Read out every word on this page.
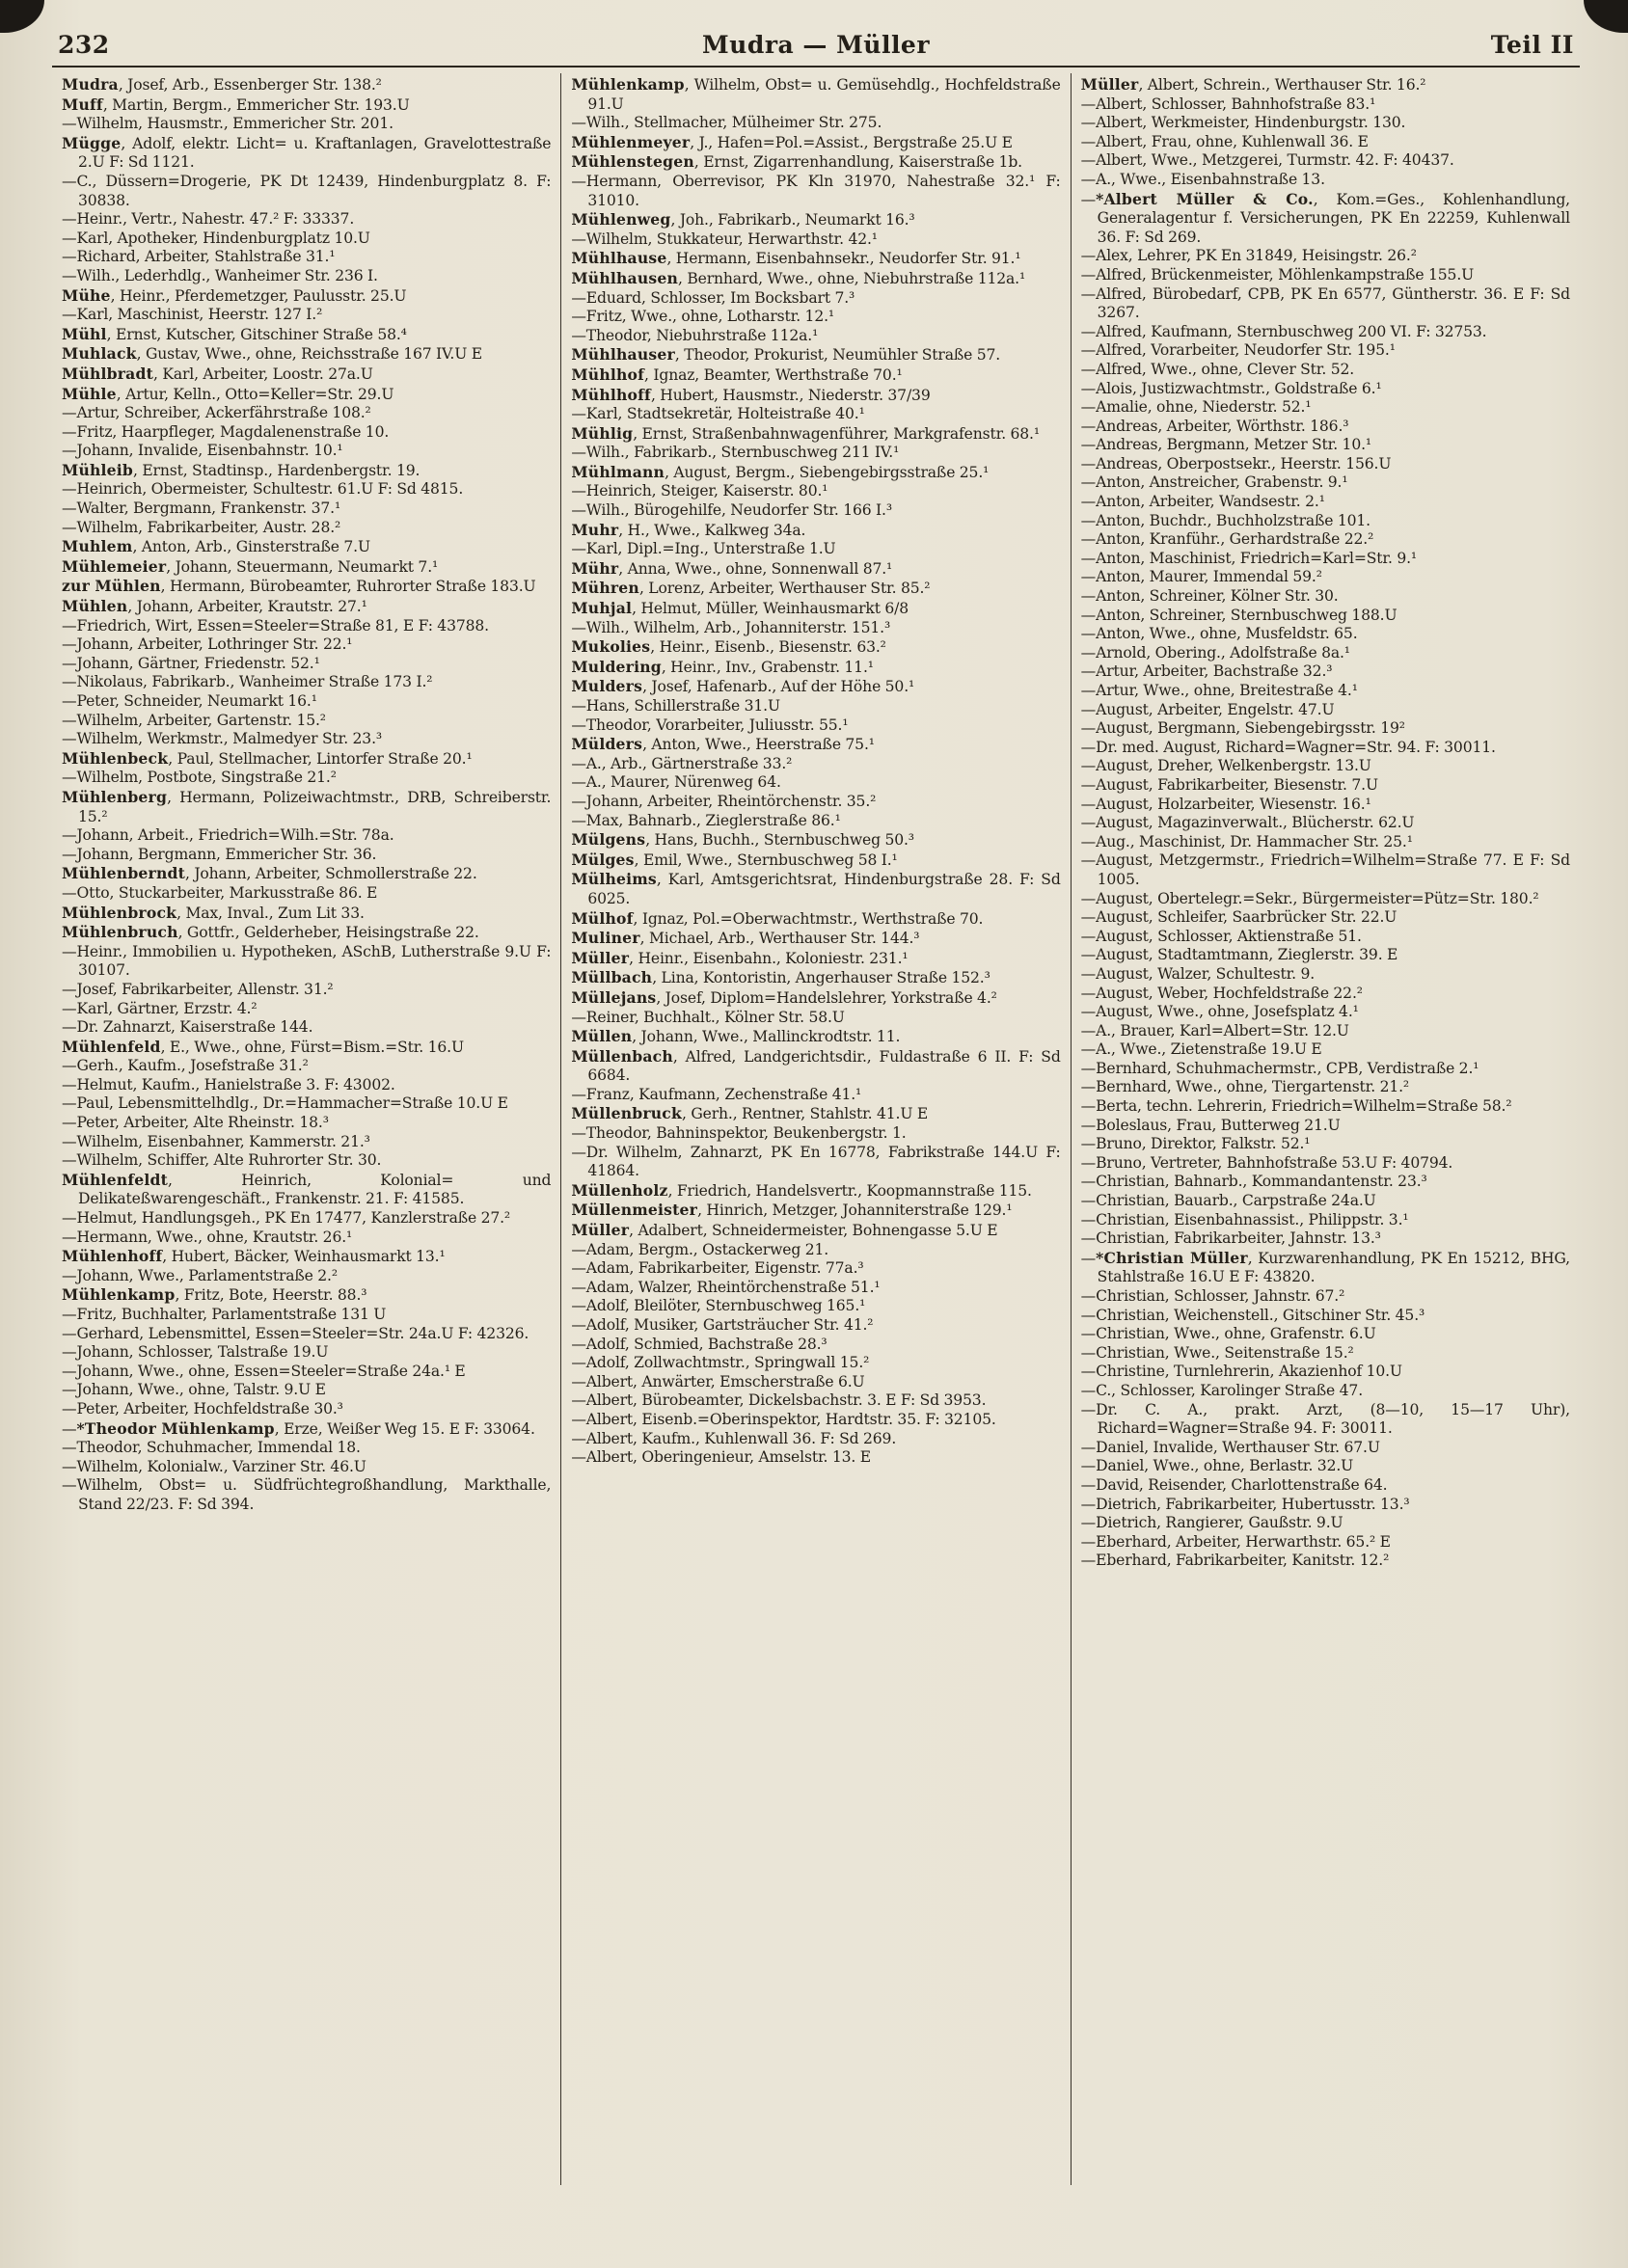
232	Mudra — Müller	Teil II
Mudra, Josef, Arb., Essenberger Str. 138.²
Muff, Martin, Bergm., Emmericher Str. 193.U
—Wilhelm, Hausmstr., Emmericher Str. 201.
Mügge, Adolf, elektr. Licht= u. Kraftanlagen, Gravelottestraße 2.U F: Sd 1121.
—C., Düssern=Drogerie, PK Dt 12439, Hindenburgplatz 8. F: 30838.
—Heinr., Vertr., Nahestr. 47.² F: 33337.
—Karl, Apotheker, Hindenburgplatz 10.U
—Richard, Arbeiter, Stahlstraße 31.¹
—Wilh., Lederhdlg., Wanheimer Str. 236 I.
Mühe, Heinr., Pferdemetzger, Paulusstr. 25.U
—Karl, Maschinist, Heerstr. 127 I.²
Mühl, Ernst, Kutscher, Gitschiner Straße 58.⁴
Muhlack, Gustav, Wwe., ohne, Reichsstraße 167 IV.U E
Mühlbradt, Karl, Arbeiter, Loostr. 27a.U
Mühle, Artur, Kelln., Otto=Keller=Str. 29.U
—Artur, Schreiber, Ackerfährstraße 108.²
—Fritz, Haarpfleger, Magdalenenstraße 10.
—Johann, Invalide, Eisenbahnstr. 10.¹
Mühleib, Ernst, Stadtinsp., Hardenbergstr. 19.
—Heinrich, Obermeister, Schultestr. 61.U F: Sd 4815.
—Walter, Bergmann, Frankenstr. 37.¹
—Wilhelm, Fabrikarbeiter, Austr. 28.²
Muhlem, Anton, Arb., Ginsterstraße 7.U
Mühlemeier, Johann, Steuermann, Neumarkt 7.¹
zur Mühlen, Hermann, Bürobeamter, Ruhrorter Straße 183.U
Mühlen, Johann, Arbeiter, Krautstr. 27.¹
—Friedrich, Wirt, Essen=Steeler=Straße 81, E F: 43788.
—Johann, Arbeiter, Lothringer Str. 22.¹
—Johann, Gärtner, Friedenstr. 52.¹
—Nikolaus, Fabrikarb., Wanheimer Straße 173 I.²
—Peter, Schneider, Neumarkt 16.¹
—Wilhelm, Arbeiter, Gartenstr. 15.²
—Wilhelm, Werkmstr., Malmedyer Str. 23.³
Mühlenbeck, Paul, Stellmacher, Lintorfer Straße 20.¹
—Wilhelm, Postbote, Singstraße 21.²
Mühlenberg, Hermann, Polizeiwachtmstr., DRB, Schreiberstr. 15.²
—Johann, Arbeit., Friedrich=Wilh.=Str. 78a.
—Johann, Bergmann, Emmericher Str. 36.
Mühlenberndt, Johann, Arbeiter, Schmollerstraße 22.
—Otto, Stuckarbeiter, Markusstraße 86. E
Mühlenbrock, Max, Inval., Zum Lit 33.
Mühlenbruch, Gottfr., Gelderheber, Heisingstraße 22.
—Heinr., Immobilien u. Hypotheken, ASchB, Lutherstraße 9.U F: 30107.
—Josef, Fabrikarbeiter, Allenstr. 31.²
—Karl, Gärtner, Erzstr. 4.²
—Dr. Zahnarzt, Kaiserstraße 144.
Mühlenfeld, E., Wwe., ohne, Fürst=Bism.=Str. 16.U
—Gerh., Kaufm., Josefstraße 31.²
—Helmut, Kaufm., Hanielstraße 3. F: 43002.
—Paul, Lebensmittelhdlg., Dr.=Hammacher=Straße 10.U E
—Peter, Arbeiter, Alte Rheinstr. 18.³
—Wilhelm, Eisenbahner, Kammerstr. 21.³
—Wilhelm, Schiffer, Alte Ruhrorter Str. 30.
Mühlenfeldt, Heinrich, Kolonial= und Delikateßwarengeschäft., Frankenstr. 21. F: 41585.
—Helmut, Handlungsgeh., PK En 17477, Kanzlerstraße 27.²
—Hermann, Wwe., ohne, Krautstr. 26.¹
Mühlenhoff, Hubert, Bäcker, Weinhausmarkt 13.¹
—Johann, Wwe., Parlamentstraße 2.²
Mühlenkamp, Fritz, Bote, Heerstr. 88.³
—Fritz, Buchhalter, Parlamentstraße 131 U
—Gerhard, Lebensmittel, Essen=Steeler=Str. 24a.U F: 42326.
—Johann, Schlosser, Talstraße 19.U
—Johann, Wwe., ohne, Essen=Steeler=Straße 24a.¹ E
—Johann, Wwe., ohne, Talstr. 9.U E
—Peter, Arbeiter, Hochfeldstraße 30.³
—*Theodor Mühlenkamp, Erze, Weißer Weg 15. E F: 33064.
—Theodor, Schuhmacher, Immendal 18.
—Wilhelm, Kolonialw., Varziner Str. 46.U
—Wilhelm, Obst= u. Südfrüchtegroßhandlung, Markthalle, Stand 22/23. F: Sd 394.
Mühlenkamp, Wilhelm, Obst= u. Gemüsehdlg., Hochfeldstraße 91.U
—Wilh., Stellmacher, Mülheimer Str. 275.
Mühlenmeyer, J., Hafen=Pol.=Assist., Bergstraße 25.U E
Mühlenstegen, Ernst, Zigarrenhandlung, Kaiserstraße 1b.
—Hermann, Oberrevisor, PK Kln 31970, Nahestraße 32.¹ F: 31010.
Mühlenweg, Joh., Fabrikarb., Neumarkt 16.³
—Wilhelm, Stukkateur, Herwarthstr. 42.¹
Mühlhause, Hermann, Eisenbahnsekr., Neudorfer Str. 91.¹
Mühlhausen, Bernhard, Wwe., ohne, Niebuhrstraße 112a.¹
—Eduard, Schlosser, Im Bocksbart 7.³
—Fritz, Wwe., ohne, Lotharstr. 12.¹
—Theodor, Niebuhrstraße 112a.¹
Mühlhauser, Theodor, Prokurist, Neumühler Straße 57.
Mühlhof, Ignaz, Beamter, Werthstraße 70.¹
Mühlhoff, Hubert, Hausmstr., Niederstr. 37/39
—Karl, Stadtsekretär, Holteistraße 40.¹
Mühlig, Ernst, Straßenbahnwagenführer, Markgrafenstr. 68.¹
—Wilh., Fabrikarb., Sternbuschweg 211 IV.¹
Mühlmann, August, Bergm., Siebengebirgsstraße 25.¹
—Heinrich, Steiger, Kaiserstr. 80.¹
—Wilh., Bürogehilfe, Neudorfer Str. 166 I.³
Muhr, H., Wwe., Kalkweg 34a.
—Karl, Dipl.=Ing., Unterstraße 1.U
Mühr, Anna, Wwe., ohne, Sonnenwall 87.¹
Mühren, Lorenz, Arbeiter, Werthauser Str. 85.²
Muhjal, Helmut, Müller, Weinhausmarkt 6/8
—Wilh., Wilhelm, Arb., Johanniterstr. 151.³
Mukolies, Heinr., Eisenb., Biesenstr. 63.²
Muldering, Heinr., Inv., Grabenstr. 11.¹
Mulders, Josef, Hafenarb., Auf der Höhe 50.¹
—Hans, Schillerstraße 31.U
—Theodor, Vorarbeiter, Juliusstr. 55.¹
Mülders, Anton, Wwe., Heerstraße 75.¹
—A., Arb., Gärtnerstraße 33.²
—A., Maurer, Nürenweg 64.
—Johann, Arbeiter, Rheintörchenstr. 35.²
—Max, Bahnarb., Zieglerstraße 86.¹
Mülgens, Hans, Buchh., Sternbuschweg 50.³
Mülges, Emil, Wwe., Sternbuschweg 58 I.¹
Mülheims, Karl, Amtsgerichtsrat, Hindenburgstraße 28. F: Sd 6025.
Mülhof, Ignaz, Pol.=Oberwachtmstr., Werthstraße 70.
Muliner, Michael, Arb., Werthauser Str. 144.³
Müller, Heinr., Eisenbahn., Koloniestr. 231.¹
Müllbach, Lina, Kontoristin, Angerhauser Straße 152.³
Müllejans, Josef, Diplom=Handelslehrer, Yorkstraße 4.²
—Reiner, Buchhalt., Kölner Str. 58.U
Müllen, Johann, Wwe., Mallinckrodtstr. 11.
Müllenbach, Alfred, Landgerichtsdir., Fuldastraße 6 II. F: Sd 6684.
—Franz, Kaufmann, Zechenstraße 41.¹
Müllenbruck, Gerh., Rentner, Stahlstr. 41.U E
—Theodor, Bahninspektor, Beukenbergstr. 1.
—Dr. Wilhelm, Zahnarzt, PK En 16778, Fabrikstraße 144.U F: 41864.
Müllenholz, Friedrich, Handelsvertr., Koopmannstraße 115.
Müllenmeister, Hinrich, Metzger, Johanniterstraße 129.¹
Müller, Adalbert, Schneidermeister, Bohnengasse 5.U E
—Adam, Bergm., Ostackerweg 21.
—Adam, Fabrikarbeiter, Eigenstr. 77a.³
—Adam, Walzer, Rheintörchenstraße 51.¹
—Adolf, Bleilöter, Sternbuschweg 165.¹
—Adolf, Musiker, Gartsträucher Str. 41.²
—Adolf, Schmied, Bachstraße 28.³
—Adolf, Zollwachtmstr., Springwall 15.²
—Albert, Anwärter, Emscherstraße 6.U
—Albert, Bürobeamter, Dickelsbachstr. 3. E F: Sd 3953.
—Albert, Eisenb.=Oberinspektor, Hardtstr. 35. F: 32105.
—Albert, Kaufm., Kuhlenwall 36. F: Sd 269.
—Albert, Oberingenieur, Amselstr. 13. E
Müller, Albert, Schrein., Werthauser Str. 16.²
—Albert, Schlosser, Bahnhofstraße 83.¹
—Albert, Werkmeister, Hindenburgstr. 130.
—Albert, Frau, ohne, Kuhlenwall 36. E
—Albert, Wwe., Metzgerei, Turmstr. 42. F: 40437.
—A., Wwe., Eisenbahnstraße 13.
—*Albert Müller & Co., Kom.=Ges., Kohlenhandlung, Generalagentur f. Versicherungen, PK En 22259, Kuhlenwall 36. F: Sd 269.
—Alex, Lehrer, PK En 31849, Heisingstr. 26.²
—Alfred, Brückenmeister, Möhlenkampstraße 155.U
—Alfred, Bürobedarf, CPB, PK En 6577, Güntherstr. 36. E F: Sd 3267.
—Alfred, Kaufmann, Sternbuschweg 200 VI. F: 32753.
—Alfred, Vorarbeiter, Neudorfer Str. 195.¹
—Alfred, Wwe., ohne, Clever Str. 52.
—Alois, Justizwachtmstr., Goldstraße 6.¹
—Amalie, ohne, Niederstr. 52.¹
—Andreas, Arbeiter, Wörthstr. 186.³
—Andreas, Bergmann, Metzer Str. 10.¹
—Andreas, Oberpostsekr., Heerstr. 156.U
—Anton, Anstreicher, Grabenstr. 9.¹
—Anton, Arbeiter, Wandsestr. 2.¹
—Anton, Buchdr., Buchholzstraße 101.
—Anton, Kranführ., Gerhardstraße 22.²
—Anton, Maschinist, Friedrich=Karl=Str. 9.¹
—Anton, Maurer, Immendal 59.²
—Anton, Schreiner, Kölner Str. 30.
—Anton, Schreiner, Sternbuschweg 188.U
—Anton, Wwe., ohne, Musfeldstr. 65.
—Arnold, Obering., Adolfstraße 8a.¹
—Artur, Arbeiter, Bachstraße 32.³
—Artur, Wwe., ohne, Breitestraße 4.¹
—August, Arbeiter, Engelstr. 47.U
—August, Bergmann, Siebengebirgsstr. 19²
—Dr. med. August, Richard=Wagner=Str. 94. F: 30011.
—August, Dreher, Welkenbergstr. 13.U
—August, Fabrikarbeiter, Biesenstr. 7.U
—August, Holzarbeiter, Wiesenstr. 16.¹
—August, Magazinverwalt., Blücherstr. 62.U
—Aug., Maschinist, Dr. Hammacher Str. 25.¹
—August, Metzgermstr., Friedrich=Wilhelm=Straße 77. E F: Sd 1005.
—August, Obertelegr.=Sekr., Bürgermeister=Pütz=Str. 180.²
—August, Schleifer, Saarbrücker Str. 22.U
—August, Schlosser, Aktienstraße 51.
—August, Stadtamtmann, Zieglerstr. 39. E
—August, Walzer, Schultestr. 9.
—August, Weber, Hochfeldstraße 22.²
—August, Wwe., ohne, Josefsplatz 4.¹
—A., Brauer, Karl=Albert=Str. 12.U
—A., Wwe., Zietenstraße 19.U E
—Bernhard, Schuhmachermstr., CPB, Verdistraße 2.¹
—Bernhard, Wwe., ohne, Tiergartenstr. 21.²
—Berta, techn. Lehrerin, Friedrich=Wilhelm=Straße 58.²
—Boleslaus, Frau, Butterweg 21.U
—Bruno, Direktor, Falkstr. 52.¹
—Bruno, Vertreter, Bahnhofstraße 53.U F: 40794.
—Christian, Bahnarb., Kommandantenstr. 23.³
—Christian, Bauarb., Carpstraße 24a.U
—Christian, Eisenbahnassist., Philippstr. 3.¹
—Christian, Fabrikarbeiter, Jahnstr. 13.³
—*Christian Müller, Kurzwarenhandlung, PK En 15212, BHG, Stahlstraße 16.U E F: 43820.
—Christian, Schlosser, Jahnstr. 67.²
—Christian, Weichenstell., Gitschiner Str. 45.³
—Christian, Wwe., ohne, Grafenstr. 6.U
—Christian, Wwe., Seitenstraße 15.²
—Christine, Turnlehrerin, Akazienhof 10.U
—C., Schlosser, Karolinger Straße 47.
—Dr. C. A., prakt. Arzt, (8—10, 15—17 Uhr), Richard=Wagner=Straße 94. F: 30011.
—Daniel, Invalide, Werthauser Str. 67.U
—Daniel, Wwe., ohne, Berlastr. 32.U
—David, Reisender, Charlottenstraße 64.
—Dietrich, Fabrikarbeiter, Hubertusstr. 13.³
—Dietrich, Rangierer, Gaußstr. 9.U
—Eberhard, Arbeiter, Herwarthstr. 65.² E
—Eberhard, Fabrikarbeiter, Kanitstr. 12.²
